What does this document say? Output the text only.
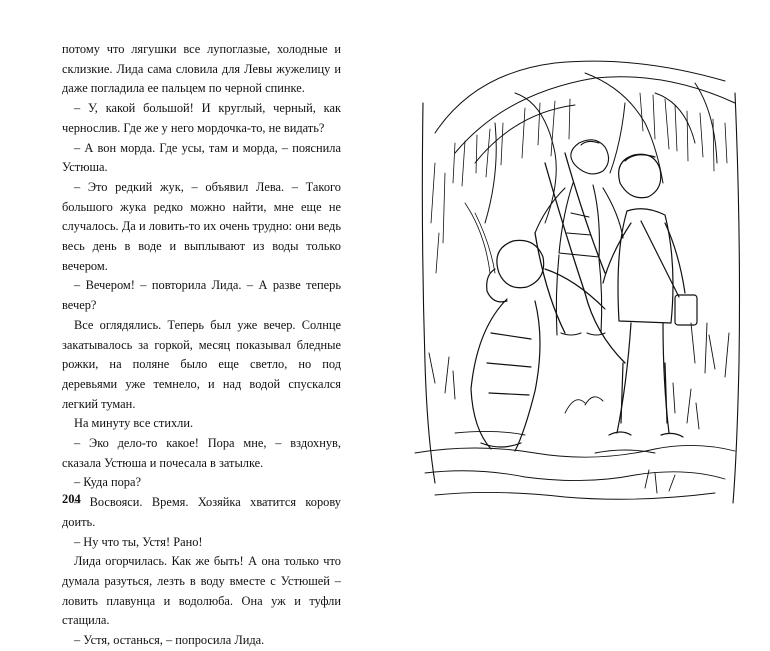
потому что лягушки все лупоглазые, холодные и склизкие. Лида сама словила для Левы жужелицу и даже погладила ее пальцем по черной спинке.

– У, какой большой! И круглый, черный, как чернослив. Где же у него мордочка-то, не видать?

– А вон морда. Где усы, там и морда, – пояснила Устюша.

– Это редкий жук, – объявил Лева. – Такого большого жука редко можно найти, мне еще не случалось. Да и ловить-то их очень трудно: они ведь весь день в воде и выплывают из воды только вечером.

– Вечером! – повторила Лида. – А разве теперь вечер?

Все оглядялись. Теперь был уже вечер. Солнце закатывалось за горкой, месяц показывал бледные рожки, на поляне было еще светло, но под деревьями уже темнело, и над водой спускался легкий туман.

На минуту все стихли.

– Эко дело-то какое! Пора мне, – вздохнув, сказала Устюша и почесала в затылке.

– Куда пора?

– Восвояси. Время. Хозяйка хватится корову доить.

– Ну что ты, Устя! Рано!

Лида огорчилась. Как же быть! А она только что думала разуться, лезть в воду вместе с Устюшей – ловить плавунца и водолюба. Она уж и туфли стащила.

– Устя, останься, – попросила Лида.

204
